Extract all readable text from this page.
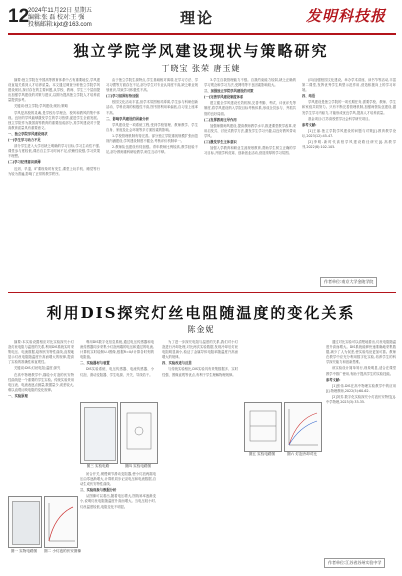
12
2024年11月22日 星期五
编辑:张 磊 校对:王 强
投稿邮箱:kjxt@163.com	理论	发明科技报
独立学院学风建设现状与策略研究
丁晓宝 张荣 唐玉婕

摘要:独立学院在中国高等教育体系中占有重要地位,学风建设直接关系到人才培养质量。本文通过调查分析独立学院学风建设现状,探讨存在的主要问题,从学校、教师、学生三个层面提出加强学风建设的对策与建议,以期为提高独立学院人才培养质量提供参考。

关键词:独立学院;学风建设;现状;策略

学风是高校的灵魂,是学校办学理念、校风和教风的集中体现。良好的学风能够激发学生的学习热情,促进学生全面发展。独立学院作为我国高等教育的重要组成部分,其学风建设对于提高教育质量具有重要意义。

一、独立学院学风建设现状

(一)学生学习动力不足

部分学生进入大学后缺乏明确的学习目标,学习主动性不强,课堂参与度较低,课后自主学习时间不足,依赖性较强,学习效果不理想。

(二)学习纪律意识淡薄

迟到、早退、旷课现象时有发生,课堂上玩手机、睡觉等行为较为普遍,影响了正常的教学秩序。

由于独立学院生源特点,学生基础相对薄弱,在学习方法、学习习惯等方面存在不足,部分学生对专业认同度不高,缺乏职业规划意识,导致学习积极性不高。

(三)学习氛围有待加强

校园文化活动丰富,但学术氛围相对薄弱,学生参与科研创新活动、学科竞赛的积极性不高,图书馆利用率偏低,自习室上座率不高。

二、影响学风建设的因素分析

学风建设是一项系统工程,受到学校管理、教师教学、学生自身、家庭及社会环境等多方面因素的影响。

1.学校管理机制有待完善。部分独立学院重视规模扩张而忽视内涵建设,学风建设制度不健全,考核评价机制单一。

2.教师队伍建设有待加强。青年教师比例较高,教学经验不足,部分教师重科研轻教学,师生互动不够。

3.学生自我管理能力不强。自我约束能力较弱,缺乏正确的学习观念和学习方法,受网络等不良因素影响较大。

三、加强独立学院学风建设的对策

(一)完善学风建设制度体系

建立健全学风建设长效机制,完善考勤、考试、评优评先等制度,将学风建设纳入学院目标考核体系,形成全员参与、齐抓共管的良好局面。

(二)发挥教师主导作用

加强师德师风建设,提高教师教学水平,推进课堂教学改革,采用启发式、讨论式教学方法,激发学生学习兴趣,以良好教风带动学风。

(三)激发学生主体意识

加强入学教育和职业生涯规划教育,帮助学生树立正确的学习目标,开展学科竞赛、创新创业活动,营造浓厚的学习氛围。

(四)加强校园文化建设。举办学术讲座、读书节等活动,丰富第二课堂,发挥优秀学生典型示范作用,营造积极向上的学习环境。

四、结语

学风建设是独立学院的一项长期任务,需要学校、教师、学生和家庭共同努力。只有不断完善管理机制,加强师资队伍建设,激发学生学习内驱力,才能形成优良学风,提高人才培养质量。

基金项目:江苏高校哲学社会科学研究项目。

参考文献:

[1]王丽.独立学院学风建设的问题与对策[J].教育教学论坛,2023(12):45-47.

[2]李明.新时代高校学风建设路径研究[J].高教学刊,2022(8):102-105.

作者单位:南京大学金陵学院
利用DIS探究灯丝电阻随温度的变化关系
陈金妮

摘要:本实验设置相应对比实验探究小灯泡灯丝电阻与温度的关系,利用DIS系统实时采集电压、电流数据,绘制伏安特性曲线,直观地显示灯丝电阻随温度升高而增大的规律,提高了实验的准确性和直观性。

关键词:DIS;灯丝电阻;温度;探究

在高中物理教学中,描绘小灯泡的伏安特性曲线是一个重要的学生实验。传统实验采用电压表、电流表逐点测量,数据量少,误差较大,难以直观反映电阻的变化规律。

一、实验原理

图一 实物电路图	图二 小灯泡的伏安图像

利用DIS数字化信息系统,通过电压传感器和电流传感器同步采集小灯泡两端的电压和通过的电流,计算机实时绘制U-I图像,根据R=U/I计算各时刻的电阻值。

二、实验器材与装置

DIS实验系统、电压传感器、电流传感器、小灯泡、滑动变阻器、学生电源、开关、导线若干。

图三 实验电路	图四 实验电路图

闭合开关,缓慢调节滑动变阻器,使小灯泡两端电压由零逐渐增大,计算机同步记录电压和电流数据,自动生成伏安特性曲线。

三、实验现象与数据分析

从图像可以看出,随着电压增大,图线斜率逐渐变小,说明灯丝电阻随温度升高而增大。当电压较小时,灯丝温度较低,电阻变化不明显。

为了进一步探究电阻与温度的关系,我们对小灯泡进行冷却处理,对比两次实验数据,发现冷却后灯丝电阻明显减小,验证了金属导体电阻率随温度升高而增大的规律。

四、实验改进与反思

与传统实验相比,DIS实验具有采集数据多、实时性强、图像直观等优点,有利于学生理解物理规律。

图五 实验电路图	图六 灯泡冷却对比

通过对比实验可以清楚地看出,灯丝电阻随温度升高而增大。DIS系统能够快速准确地采集数据,减少了人为误差,使实验结论更加可靠。教师在教学中应充分利用数字化实验,培养学生的科学探究能力和创新思维。

该实验设计简单易行,现象明显,适合在课堂教学中推广使用,有助于提高学生的实验技能。

参考文献:

[1]张伟.DIS在高中物理实验教学中的应用[J].物理教师,2022(5):60-62.

[2]刘芳.数字化实验探究小灯泡伏安特性[J].中学物理,2023(3):33-35.

作者单位:江苏省苏州实验中学
